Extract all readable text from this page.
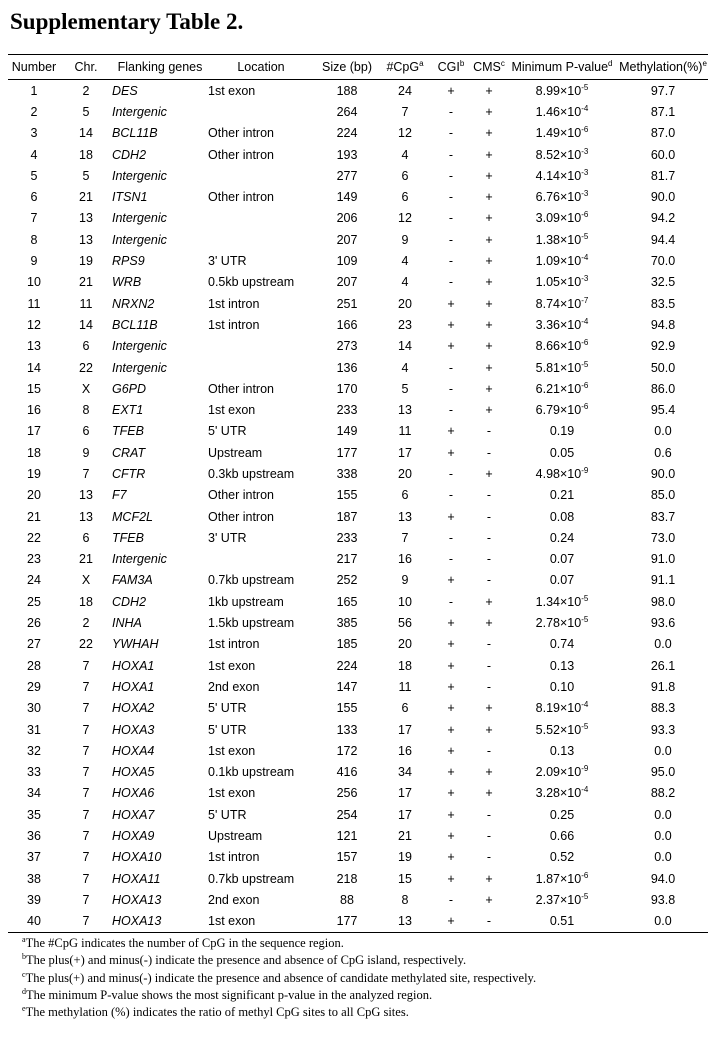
Supplementary Table 2.
Number	Chr.	Flanking genes	Location	Size (bp)	#CpG$^a$	CGI$^b$	CMS$^c$	Minimum P-value$^d$	Methylation(%)$^e$
1	2	DES	1st exon	188	24	+	+	$8.99\times 10^{-5}$	97.7
2	5	Intergenic		264	7	-	+	$1.46\times 10^{-4}$	87.1
3	14	BCL11B	Other intron	224	12	-	+	$1.49\times 10^{-6}$	87.0
4	18	CDH2	Other intron	193	4	-	+	$8.52\times 10^{-3}$	60.0
5	5	Intergenic		277	6	-	+	$4.14\times 10^{-3}$	81.7
6	21	ITSN1	Other intron	149	6	-	+	$6.76\times 10^{-3}$	90.0
7	13	Intergenic		206	12	-	+	$3.09\times 10^{-6}$	94.2
8	13	Intergenic		207	9	-	+	$1.38\times 10^{-5}$	94.4
9	19	RPS9	3' UTR	109	4	-	+	$1.09\times 10^{-4}$	70.0
10	21	WRB	0.5kb upstream	207	4	-	+	$1.05\times 10^{-3}$	32.5
11	11	NRXN2	1st intron	251	20	+	+	$8.74\times 10^{-7}$	83.5
12	14	BCL11B	1st intron	166	23	+	+	$3.36\times 10^{-4}$	94.8
13	6	Intergenic		273	14	+	+	$8.66\times 10^{-6}$	92.9
14	22	Intergenic		136	4	-	+	$5.81\times 10^{-5}$	50.0
15	X	G6PD	Other intron	170	5	-	+	$6.21\times 10^{-6}$	86.0
16	8	EXT1	1st exon	233	13	-	+	$6.79\times 10^{-6}$	95.4
17	6	TFEB	5' UTR	149	11	+	-	0.19	0.0
18	9	CRAT	Upstream	177	17	+	-	0.05	0.6
19	7	CFTR	0.3kb upstream	338	20	-	+	$4.98\times 10^{-9}$	90.0
20	13	F7	Other intron	155	6	-	-	0.21	85.0
21	13	MCF2L	Other intron	187	13	+	-	0.08	83.7
22	6	TFEB	3' UTR	233	7	-	-	0.24	73.0
23	21	Intergenic		217	16	-	-	0.07	91.0
24	X	FAM3A	0.7kb upstream	252	9	+	-	0.07	91.1
25	18	CDH2	1kb upstream	165	10	-	+	$1.34\times 10^{-5}$	98.0
26	2	INHA	1.5kb upstream	385	56	+	+	$2.78\times 10^{-5}$	93.6
27	22	YWHAH	1st intron	185	20	+	-	0.74	0.0
28	7	HOXA1	1st exon	224	18	+	-	0.13	26.1
29	7	HOXA1	2nd exon	147	11	+	-	0.10	91.8
30	7	HOXA2	5' UTR	155	6	+	+	$8.19\times 10^{-4}$	88.3
31	7	HOXA3	5' UTR	133	17	+	+	$5.52\times 10^{-5}$	93.3
32	7	HOXA4	1st exon	172	16	+	-	0.13	0.0
33	7	HOXA5	0.1kb upstream	416	34	+	+	$2.09\times 10^{-9}$	95.0
34	7	HOXA6	1st exon	256	17	+	+	$3.28\times 10^{-4}$	88.2
35	7	HOXA7	5' UTR	254	17	+	-	0.25	0.0
36	7	HOXA9	Upstream	121	21	+	-	0.66	0.0
37	7	HOXA10	1st intron	157	19	+	-	0.52	0.0
38	7	HOXA11	0.7kb upstream	218	15	+	+	$1.87\times 10^{-6}$	94.0
39	7	HOXA13	2nd exon	88	8	-	+	$2.37\times 10^{-5}$	93.8
40	7	HOXA13	1st exon	177	13	+	-	0.51	0.0
$^a$The #CpG indicates the number of CpG in the sequence region.
$^b$The plus(+) and minus(-) indicate the presence and absence of CpG island, respectively.
$^c$The plus(+) and minus(-) indicate the presence and absence of candidate methylated site, respectively.
$^d$The minimum P-value shows the most significant p-value in the analyzed region.
$^e$The methylation (%) indicates the ratio of methyl CpG sites to all CpG sites.
